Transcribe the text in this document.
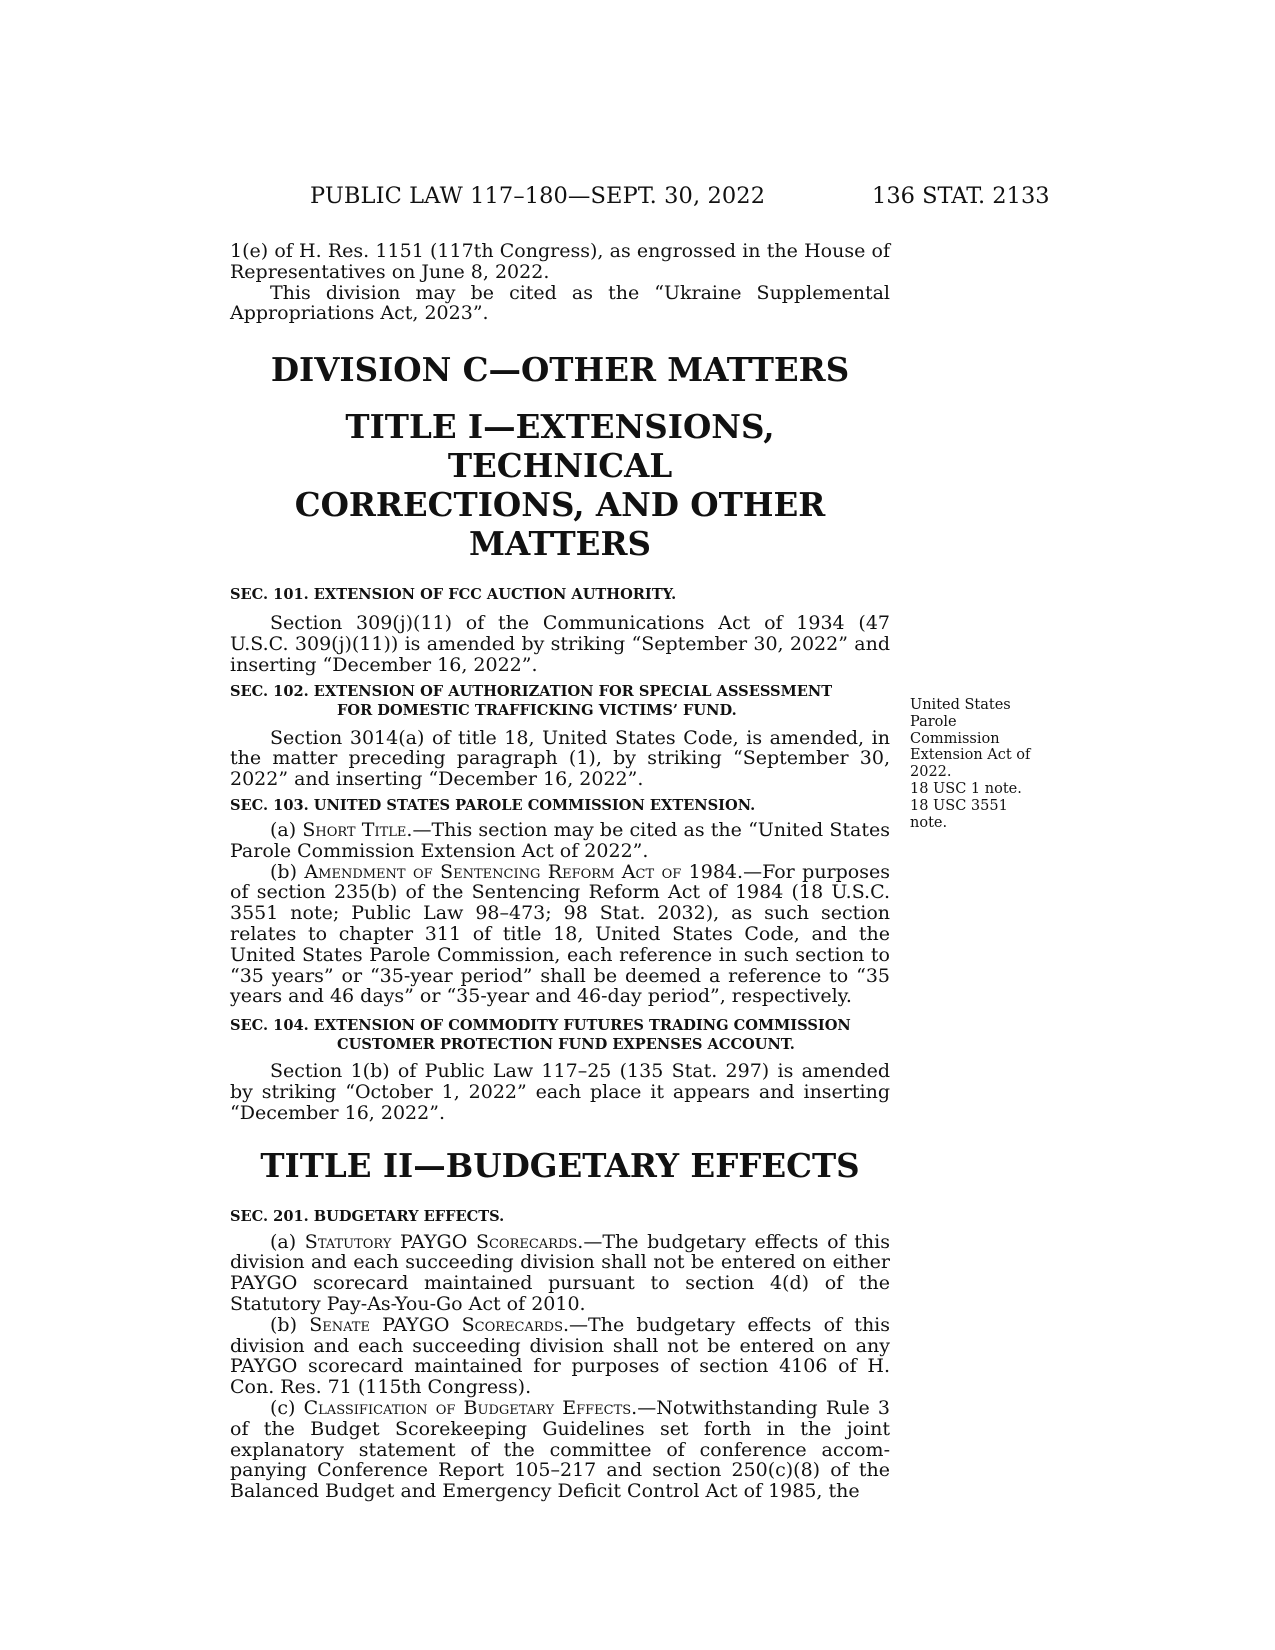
PUBLIC LAW 117–180—SEPT. 30, 2022	136 STAT. 2133

1(e) of H. Res. 1151 (117th Congress), as engrossed in the House of Representatives on June 8, 2022.

This division may be cited as the “Ukraine Supplemental Appropriations Act, 2023”.

DIVISION C—OTHER MATTERS

TITLE I—EXTENSIONS, TECHNICAL

CORRECTIONS, AND OTHER MATTERS

SEC. 101. EXTENSION OF FCC AUCTION AUTHORITY.

Section 309(j)(11) of the Communications Act of 1934 (47 U.S.C. 309(j)(11)) is amended by striking “September 30, 2022” and inserting “December 16, 2022”.

SEC. 102. EXTENSION OF AUTHORIZATION FOR SPECIAL ASSESSMENT
FOR DOMESTIC TRAFFICKING VICTIMS’ FUND.

Section 3014(a) of title 18, United States Code, is amended, in the matter preceding paragraph (1), by striking “September 30, 2022” and inserting “December 16, 2022”.

SEC. 103. UNITED STATES PAROLE COMMISSION EXTENSION.

(a) Short Title.—This section may be cited as the “United States Parole Commission Extension Act of 2022”.

(b) Amendment of Sentencing Reform Act of 1984.—For purposes of section 235(b) of the Sentencing Reform Act of 1984 (18 U.S.C. 3551 note; Public Law 98–473; 98 Stat. 2032), as such section relates to chapter 311 of title 18, United States Code, and the United States Parole Commission, each reference in such section to “35 years” or “35-year period” shall be deemed a reference to “35 years and 46 days” or “35-year and 46-day period”, respectively.

SEC. 104. EXTENSION OF COMMODITY FUTURES TRADING COMMISSION
CUSTOMER PROTECTION FUND EXPENSES ACCOUNT.

Section 1(b) of Public Law 117–25 (135 Stat. 297) is amended by striking “October 1, 2022” each place it appears and inserting “December 16, 2022”.

TITLE II—BUDGETARY EFFECTS

SEC. 201. BUDGETARY EFFECTS.

(a) Statutory PAYGO Scorecards.—The budgetary effects of this division and each succeeding division shall not be entered on either PAYGO scorecard maintained pursuant to section 4(d) of the Statutory Pay-As-You-Go Act of 2010.

(b) Senate PAYGO Scorecards.—The budgetary effects of this division and each succeeding division shall not be entered on any PAYGO scorecard maintained for purposes of section 4106 of H. Con. Res. 71 (115th Congress).

(c) Classification of Budgetary Effects.—Notwithstanding Rule 3 of the Budget Scorekeeping Guidelines set forth in the joint explanatory statement of the committee of conference accompanying Conference Report 105–217 and section 250(c)(8) of the Balanced Budget and Emergency Deficit Control Act of 1985, the

United States
Parole
Commission
Extension Act of
2022.
18 USC 1 note.
18 USC 3551
note.
